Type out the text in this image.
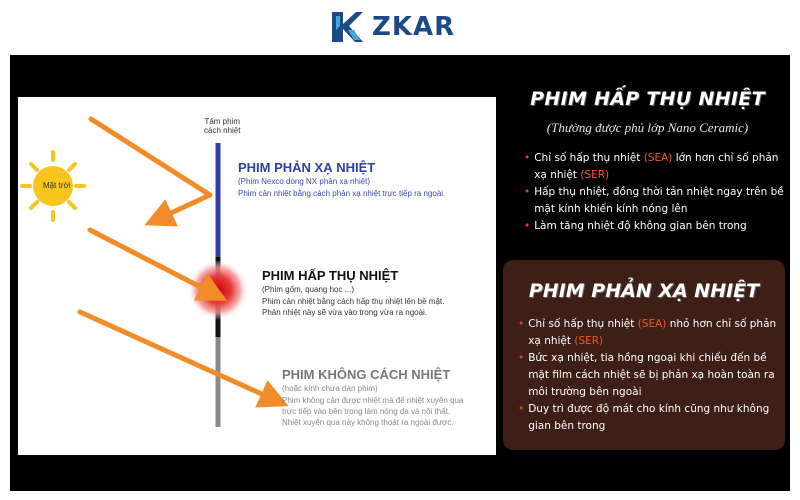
ZKAR
Tấm phim
cách nhiệt
Mặt trời
PHIM PHẢN XẠ NHIỆT
(Phim Nexco dòng NX phản xạ nhiệt)
Phim cản nhiệt bằng cách phản xạ nhiệt trực tiếp ra ngoài.
PHIM HẤP THỤ NHIỆT
(Phim gốm, quang học ...)
Phim cản nhiệt bằng cách hấp thụ nhiệt lên bề mặt.
Phản nhiệt này sẽ vừa vào trong vừa ra ngoài.
PHIM KHÔNG CÁCH NHIỆT
(hoặc kính chưa dán phim)
Phim không cản được nhiệt mà để nhiệt xuyên qua
trực tiếp vào bên trong làm nóng da và nội thất.
Nhiệt xuyên qua này không thoát ra ngoài được.
PHIM HẤP THỤ NHIỆT
(Thường được phủ lớp Nano Ceramic)
• Chỉ số hấp thụ nhiệt (SEA) lớn hơn chỉ số phản xạ nhiệt (SER)
• Hấp thụ nhiệt, đồng thời tản nhiệt ngay trên bề mặt kính khiến kính nóng lên
• Làm tăng nhiệt độ không gian bên trong
PHIM PHẢN XẠ NHIỆT
• Chỉ số hấp thụ nhiệt (SEA) nhỏ hơn chỉ số phản xạ nhiệt (SER)
• Bức xạ nhiệt, tia hồng ngoại khi chiếu đến bề mặt film cách nhiệt sẽ bị phản xạ hoàn toàn ra môi trường bên ngoài
• Duy trì được độ mát cho kính cũng như không gian bên trong
